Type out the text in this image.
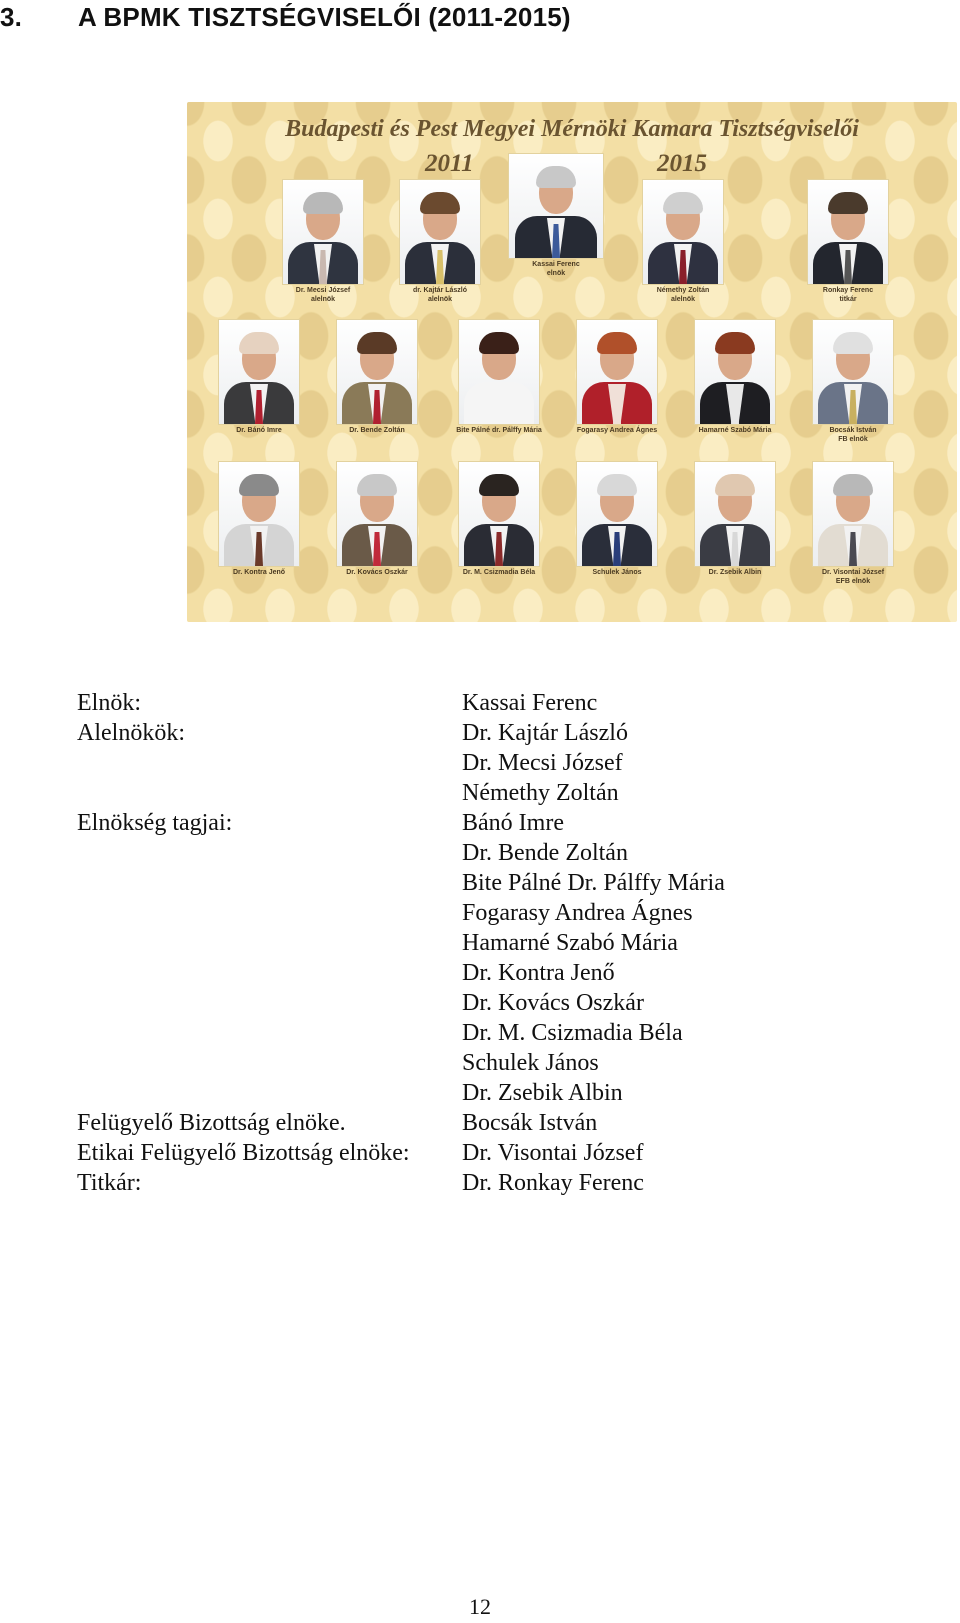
3. A BPMK TISZTSÉGVISELŐI (2011-2015)
Budapesti és Pest Megyei Mérnöki Kamara Tisztségviselői
2011	2015
Dr. Mecsi József
alelnök
dr. Kajtár László
alelnök
Kassai Ferenc
elnök
Némethy Zoltán
alelnök
Ronkay Ferenc
titkár
Dr. Bánó Imre	Dr. Bende Zoltán	Bite Pálné dr. Pálffy Mária	Fogarasy Andrea Ágnes	Hamarné Szabó Mária	Bocsák István
FB elnök
Dr. Kontra Jenő	Dr. Kovács Oszkár	Dr. M. Csizmadia Béla	Schulek János	Dr. Zsebik Albin	Dr. Visontai József
EFB elnök
Elnök:	Kassai Ferenc
Alelnökök:	Dr. Kajtár László
Dr. Mecsi József
Némethy Zoltán
Elnökség tagjai:	Bánó Imre
Dr. Bende Zoltán
Bite Pálné Dr. Pálffy Mária
Fogarasy Andrea Ágnes
Hamarné Szabó Mária
Dr. Kontra Jenő
Dr. Kovács Oszkár
Dr. M. Csizmadia Béla
Schulek János
Dr. Zsebik Albin
Felügyelő Bizottság elnöke.	Bocsák István
Etikai Felügyelő Bizottság elnöke:	Dr. Visontai József
Titkár:	Dr. Ronkay Ferenc
12
